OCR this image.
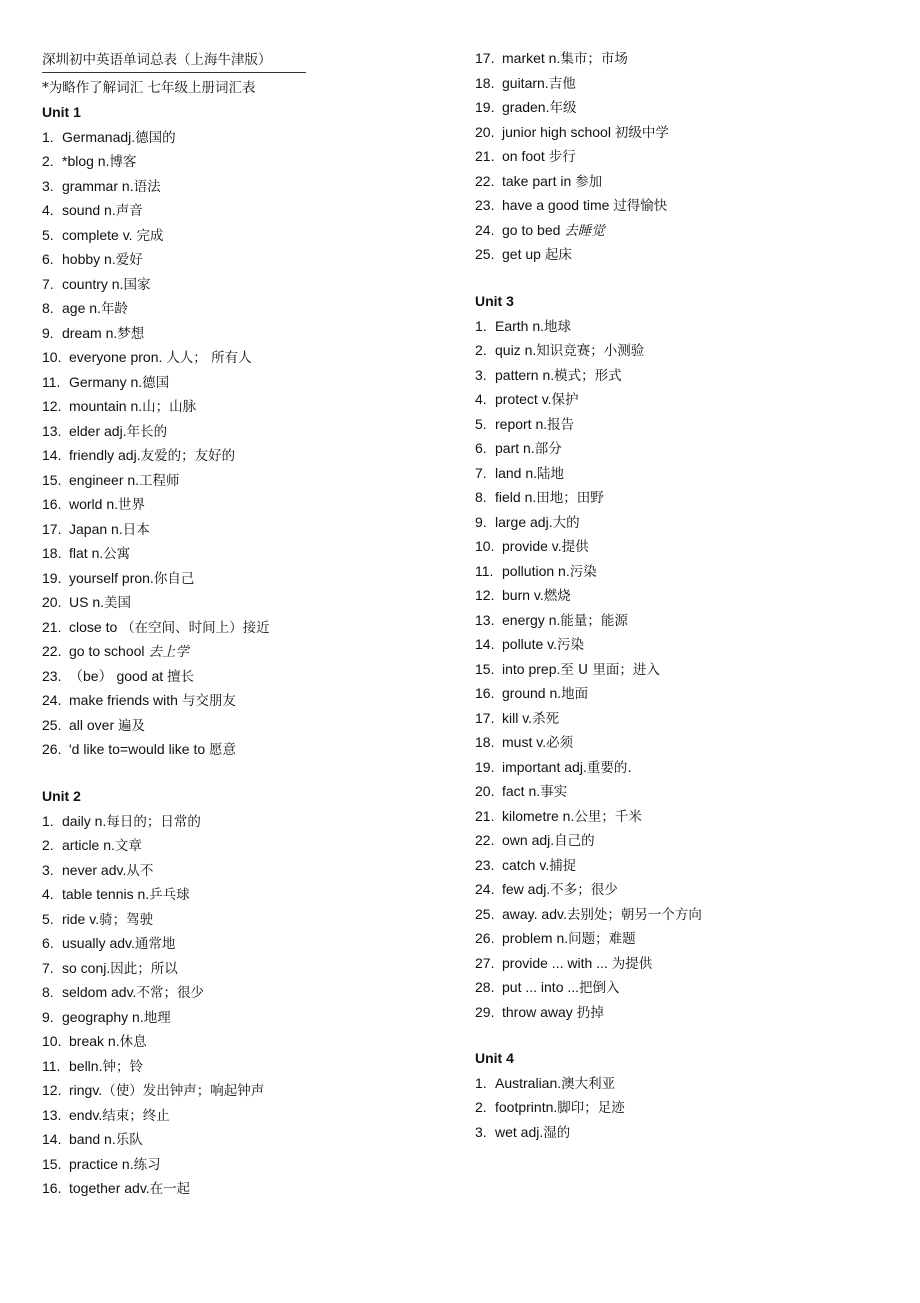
深圳初中英语单词总表（上海牛津版）
*为略作了解词汇 七年级上册词汇表
Unit 1
1. Germanadj.德国的
2. *blog n.博客
3. grammar n.语法
4. sound n.声音
5. complete v. 完成
6. hobby n.爱好
7. country n.国家
8. age n.年龄
9. dream n.梦想
10. everyone pron. 人人； 所有人
11. Germany n.德国
12. mountain n.山；山脉
13. elder adj.年长的
14. friendly adj.友爱的；友好的
15. engineer n.工程师
16. world n.世界
17. Japan n.日本
18. flat n.公寓
19. yourself pron.你自己
20. US n.美国
21. close to （在空间、时间上）接近
22. go to school 去上学
23. （be） good at 擅长
24. make friends with 与交朋友
25. all over 遍及
26. 'd like to=would like to 愿意
Unit 2
1. daily n.每日的；日常的
2. article n.文章
3. never adv.从不
4. table tennis n.乒乓球
5. ride v.骑；驾驶
6. usually adv.通常地
7. so conj.因此；所以
8. seldom adv.不常；很少
9. geography n.地理
10. break n.休息
11. belln.钟；铃
12. ringv.（使）发出钟声；响起钟声
13. endv.结束；终止
14. band n.乐队
15. practice n.练习
16. together adv.在一起
17. market n.集市；市场
18. guitarn.吉他
19. graden.年级
20. junior high school 初级中学
21. on foot 步行
22. take part in 参加
23. have a good time 过得愉快
24. go to bed 去睡觉
25. get up 起床
Unit 3
1. Earth n.地球
2. quiz n.知识竞赛；小测验
3. pattern n.模式；形式
4. protect v.保护
5. report n.报告
6. part n.部分
7. land n.陆地
8. field n.田地；田野
9. large adj.大的
10. provide v.提供
11. pollution n.污染
12. burn v.燃烧
13. energy n.能量；能源
14. pollute v.污染
15. into prep.至 U 里面；进入
16. ground n.地面
17. kill v.杀死
18. must v.必须
19. important adj.重要的.
20. fact n.事实
21. kilometre n.公里；千米
22. own adj.自己的
23. catch v.捕捉
24. few adj.不多；很少
25. away. adv.去别处；朝另一个方向
26. problem n.问题；难题
27. provide ... with ... 为提供
28. put ... into ...把倒入
29. throw away 扔掉
Unit 4
1. Australian.澳大利亚
2. footprintn.脚印；足迹
3. wet adj.湿的
